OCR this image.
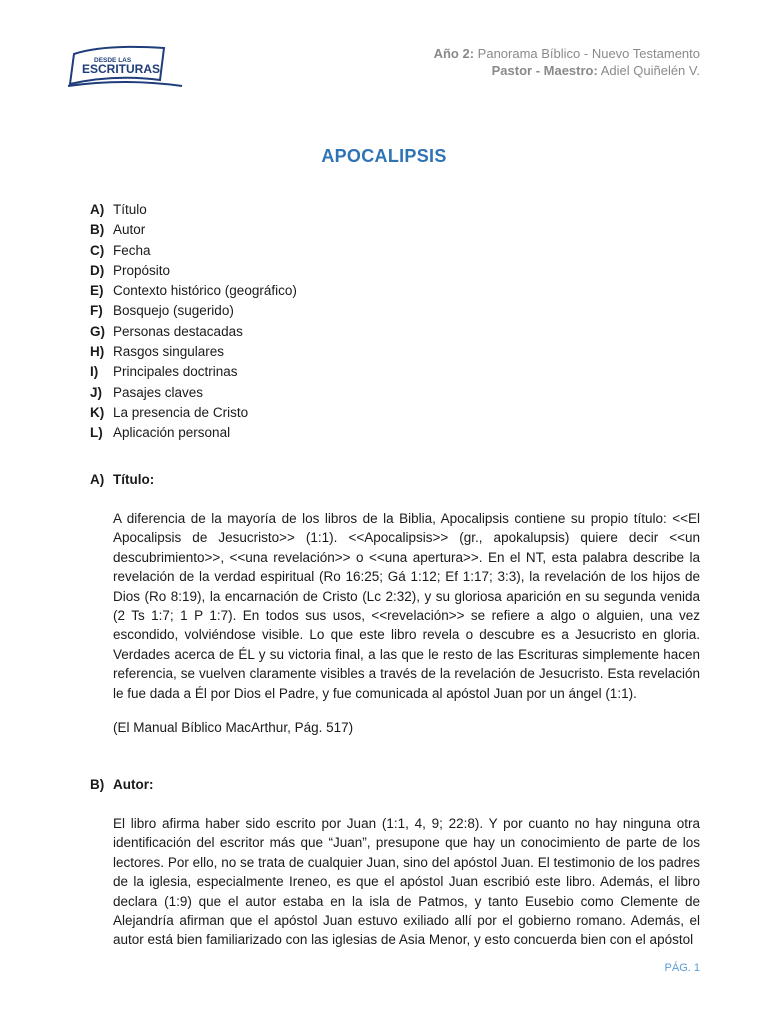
DESDE LAS
ESCRITURAS
Año 2: Panorama Bíblico - Nuevo Testamento
Pastor - Maestro: Adiel Quiñelén V.
APOCALIPSIS
A) Título
B) Autor
C) Fecha
D) Propósito
E) Contexto histórico (geográfico)
F) Bosquejo (sugerido)
G) Personas destacadas
H) Rasgos singulares
I) Principales doctrinas
J) Pasajes claves
K) La presencia de Cristo
L) Aplicación personal
A) Título:
A diferencia de la mayoría de los libros de la Biblia, Apocalipsis contiene su propio título: <<El Apocalipsis de Jesucristo>> (1:1). <<Apocalipsis>> (gr., apokalupsis) quiere decir <<un descubrimiento>>, <<una revelación>> o <<una apertura>>. En el NT, esta palabra describe la revelación de la verdad espiritual (Ro 16:25; Gá 1:12; Ef 1:17; 3:3), la revelación de los hijos de Dios (Ro 8:19), la encarnación de Cristo (Lc 2:32), y su gloriosa aparición en su segunda venida (2 Ts 1:7; 1 P 1:7). En todos sus usos, <<revelación>> se refiere a algo o alguien, una vez escondido, volviéndose visible. Lo que este libro revela o descubre es a Jesucristo en gloria. Verdades acerca de ÉL y su victoria final, a las que le resto de las Escrituras simplemente hacen referencia, se vuelven claramente visibles a través de la revelación de Jesucristo. Esta revelación le fue dada a Él por Dios el Padre, y fue comunicada al apóstol Juan por un ángel (1:1).
(El Manual Bíblico MacArthur, Pág. 517)
B) Autor:
El libro afirma haber sido escrito por Juan (1:1, 4, 9; 22:8). Y por cuanto no hay ninguna otra identificación del escritor más que “Juan”, presupone que hay un conocimiento de parte de los lectores. Por ello, no se trata de cualquier Juan, sino del apóstol Juan. El testimonio de los padres de la iglesia, especialmente Ireneo, es que el apóstol Juan escribió este libro. Además, el libro declara (1:9) que el autor estaba en la isla de Patmos, y tanto Eusebio como Clemente de Alejandría afirman que el apóstol Juan estuvo exiliado allí por el gobierno romano. Además, el autor está bien familiarizado con las iglesias de Asia Menor, y esto concuerda bien con el apóstol
PÁG. 1
